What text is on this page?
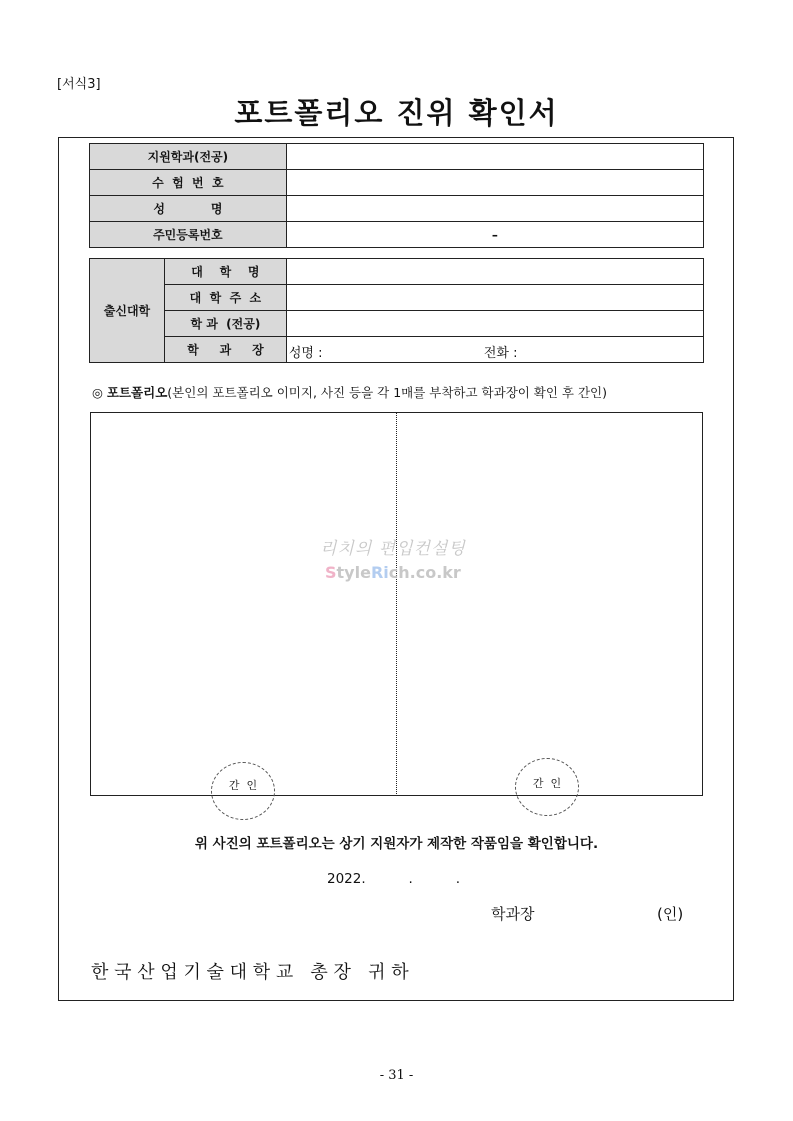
[서식3]
포트폴리오 진위 확인서
지원학과(전공)	
수  험  번  호	
성           명	
주민등록번호	–
출신대학	대    학    명	
	대  학  주  소	
	학 과  (전공)	
	학     과     장	성명 : 전화 :
◎ 포트폴리오(본인의 포트폴리오 이미지, 사진 등을 각 1매를 부착하고 학과장이 확인 후 간인)
리치의 편입컨설팅
StyleRich.co.kr
간  인	간  인
위 사진의 포트폴리오는 상기 지원자가 제작한 작품임을 확인합니다.
2022.          .          .
학과장	(인)
한 국 산 업 기 술 대 학 교   총 장   귀 하
- 31 -
